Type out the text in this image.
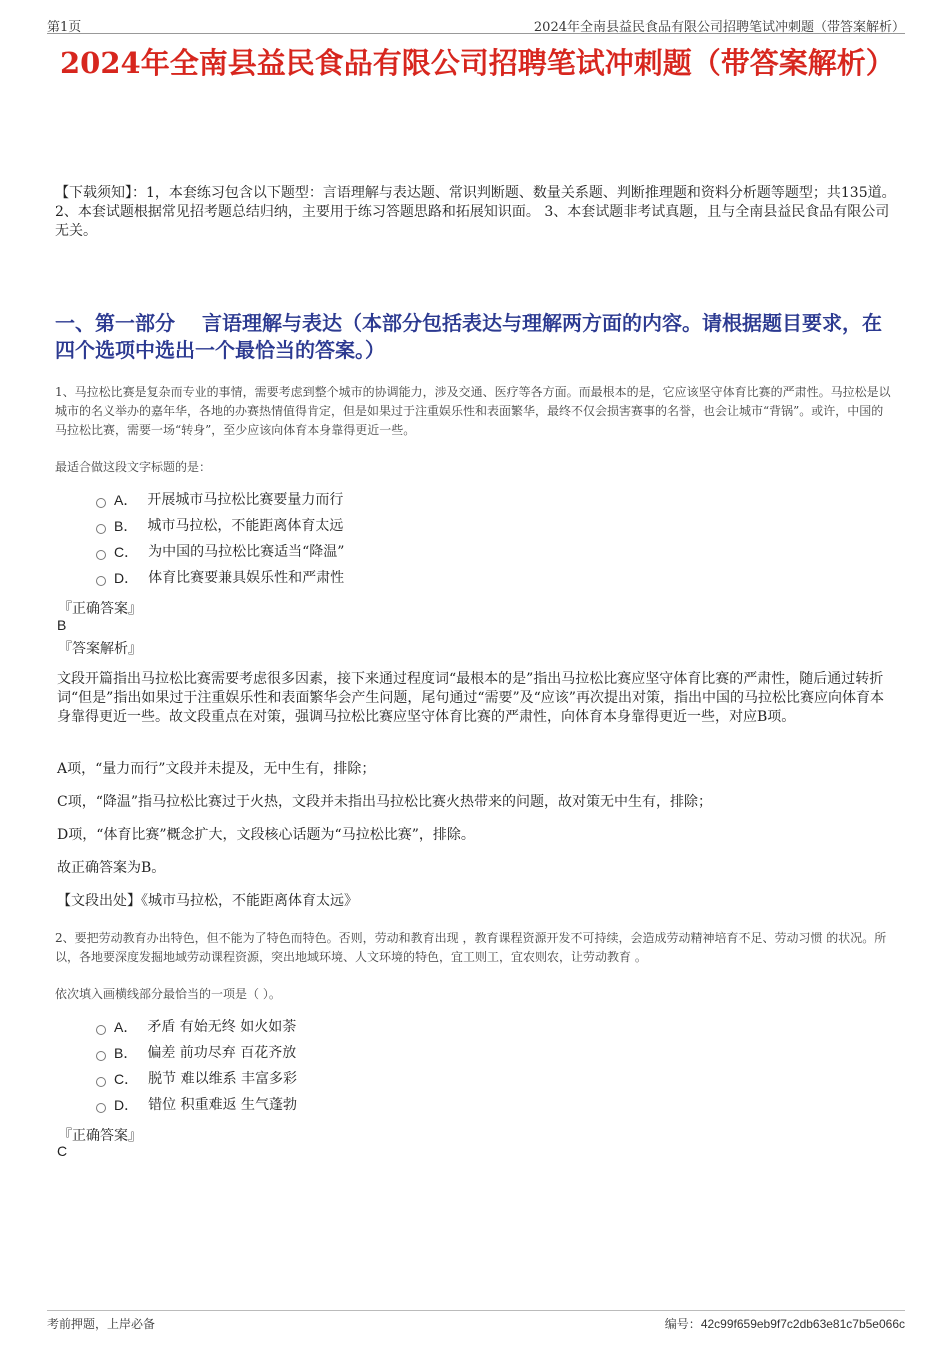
第1页	2024年全南县益民食品有限公司招聘笔试冲刺题（带答案解析）
2024年全南县益民食品有限公司招聘笔试冲刺题（带答案解析）

【下载须知】：1，本套练习包含以下题型：言语理解与表达题、常识判断题、数量关系题、判断推理题和资料分析题等题型；共135道。 2、本套试题根据常见招考题总结归纳，主要用于练习答题思路和拓展知识面。 3、本套试题非考试真题，且与全南县益民食品有限公司无关。

一、第一部分　 言语理解与表达（本部分包括表达与理解两方面的内容。请根据题目要求，在四个选项中选出一个最恰当的答案。）

1、马拉松比赛是复杂而专业的事情，需要考虑到整个城市的协调能力，涉及交通、医疗等各方面。而最根本的是，它应该坚守体育比赛的严肃性。马拉松是以城市的名义举办的嘉年华，各地的办赛热情值得肯定，但是如果过于注重娱乐性和表面繁华，最终不仅会损害赛事的名誉，也会让城市“背锅”。或许，中国的马拉松比赛，需要一场“转身”，至少应该向体育本身靠得更近一些。

最适合做这段文字标题的是：

A． 开展城市马拉松比赛要量力而行
B． 城市马拉松，不能距离体育太远
C． 为中国的马拉松比赛适当“降温”
D． 体育比赛要兼具娱乐性和严肃性
『正确答案』
B
『答案解析』

文段开篇指出马拉松比赛需要考虑很多因素，接下来通过程度词“最根本的是”指出马拉松比赛应坚守体育比赛的严肃性，随后通过转折词“但是”指出如果过于注重娱乐性和表面繁华会产生问题，尾句通过“需要”及“应该”再次提出对策，指出中国的马拉松比赛应向体育本身靠得更近一些。故文段重点在对策，强调马拉松比赛应坚守体育比赛的严肃性，向体育本身靠得更近一些，对应B项。

A项，“量力而行”文段并未提及，无中生有，排除；

C项，“降温”指马拉松比赛过于火热，文段并未指出马拉松比赛火热带来的问题，故对策无中生有，排除；

D项，“体育比赛”概念扩大，文段核心话题为“马拉松比赛”，排除。

故正确答案为B。

【文段出处】《城市马拉松，不能距离体育太远》

2、要把劳动教育办出特色，但不能为了特色而特色。否则，劳动和教育出现 ，教育课程资源开发不可持续，会造成劳动精神培育不足、劳动习惯 的状况。所以，各地要深度发掘地域劳动课程资源，突出地域环境、人文环境的特色，宜工则工，宜农则农，让劳动教育 。

依次填入画横线部分最恰当的一项是（ ）。

A． 矛盾 有始无终 如火如荼
B． 偏差 前功尽弃 百花齐放
C． 脱节 难以维系 丰富多彩
D． 错位 积重难返 生气蓬勃
『正确答案』
C
考前押题，上岸必备	编号：42c99f659eb9f7c2db63e81c7b5e066c
